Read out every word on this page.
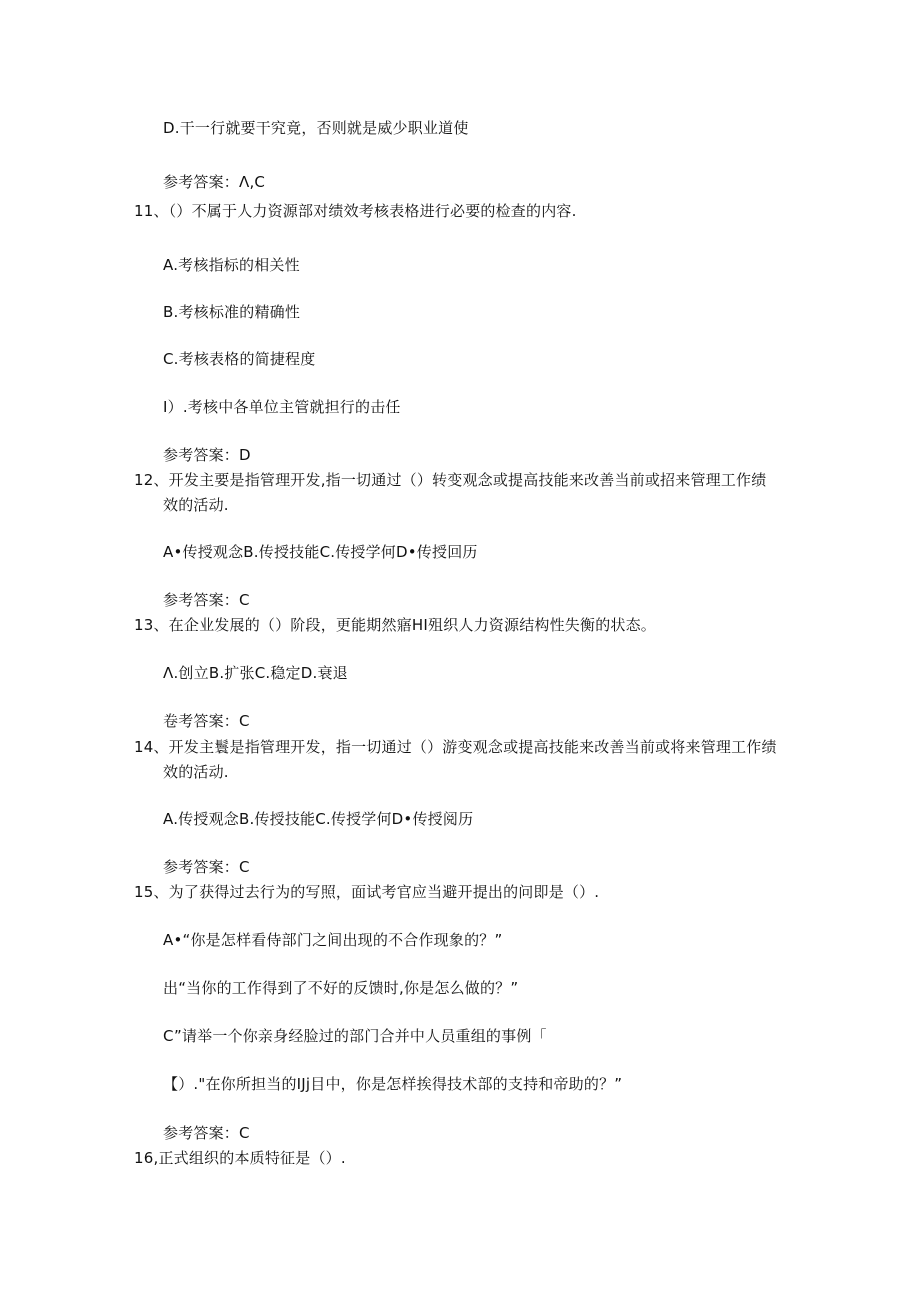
D.干一行就要干究竟，否则就是威少职业道使
参考答案：Λ,C
11、（）不属于人力资源部对绩效考核表格进行必要的检查的内容.
A.考核指标的相关性
B.考核标准的精确性
C.考核表格的简捷程度
I）.考核中各单位主管就担行的击任
参考答案：D
12、开发主要是指管理开发,指一切通过（）转变观念或提高技能来改善当前或招来管理工作绩
效的活动.
A•传授观念B.传授技能C.传授学何D•传授回历
参考答案：C
13、在企业发展的（）阶段，更能期然寤HI殂织人力资源结构性失衡的状态。
Λ.创立B.扩张C.稳定D.衰退
卷考答案：C
14、开发主鬟是指管理开发，指一切通过（）游变观念或提高技能来改善当前或将来管理工作绩
效的活动.
A.传授观念B.传授技能C.传授学何D•传授阅历
参考答案：C
15、为了获得过去行为的写照，面试考官应当避开提出的问即是（）.
A•“你是怎样看侍部门之间出现的不合作现象的？”
出“当你的工作得到了不好的反馈时,你是怎么做的？”
C”请举一个你亲身经脸过的部门合并中人员重组的事例「
【）."在你所担当的IJj目中，你是怎样挨得技术部的支持和帝助的？”
参考答案：C
16,正式组织的本质特征是（）.
